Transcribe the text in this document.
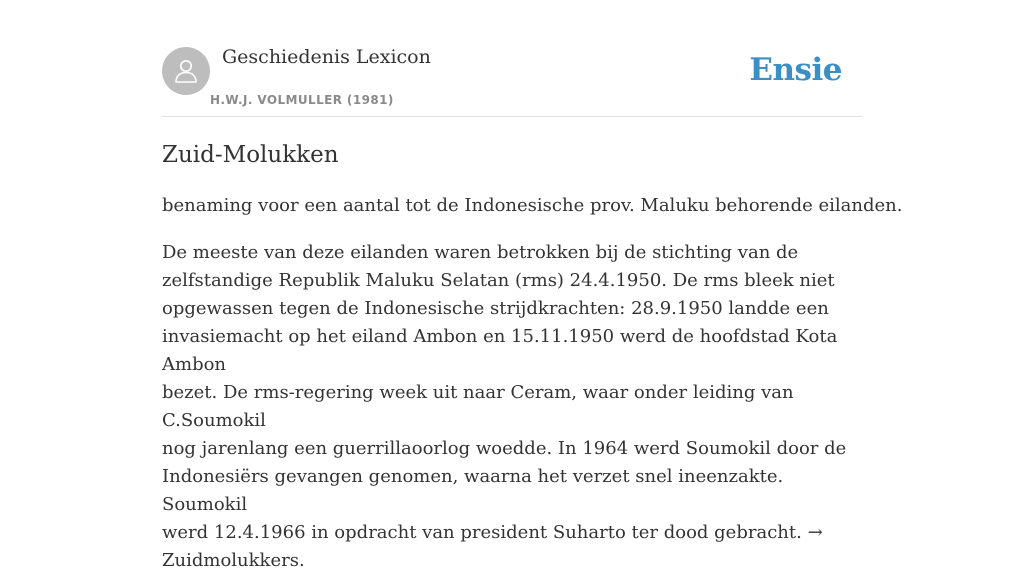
Geschiedenis Lexicon
H.W.J. VOLMULLER (1981)
Ensie
Zuid-Molukken

benaming voor een aantal tot de Indonesische prov. Maluku behorende eilanden.

De meeste van deze eilanden waren betrokken bij de stichting van de
zelfstandige Republik Maluku Selatan (rms) 24.4.1950. De rms bleek niet
opgewassen tegen de Indonesische strijdkrachten: 28.9.1950 landde een
invasiemacht op het eiland Ambon en 15.11.1950 werd de hoofdstad Kota Ambon
bezet. De rms-regering week uit naar Ceram, waar onder leiding van C.Soumokil
nog jarenlang een guerrillaoorlog woedde. In 1964 werd Soumokil door de
Indonesiërs gevangen genomen, waarna het verzet snel ineenzakte. Soumokil
werd 12.4.1966 in opdracht van president Suharto ter dood gebracht. →
Zuidmolukkers.
